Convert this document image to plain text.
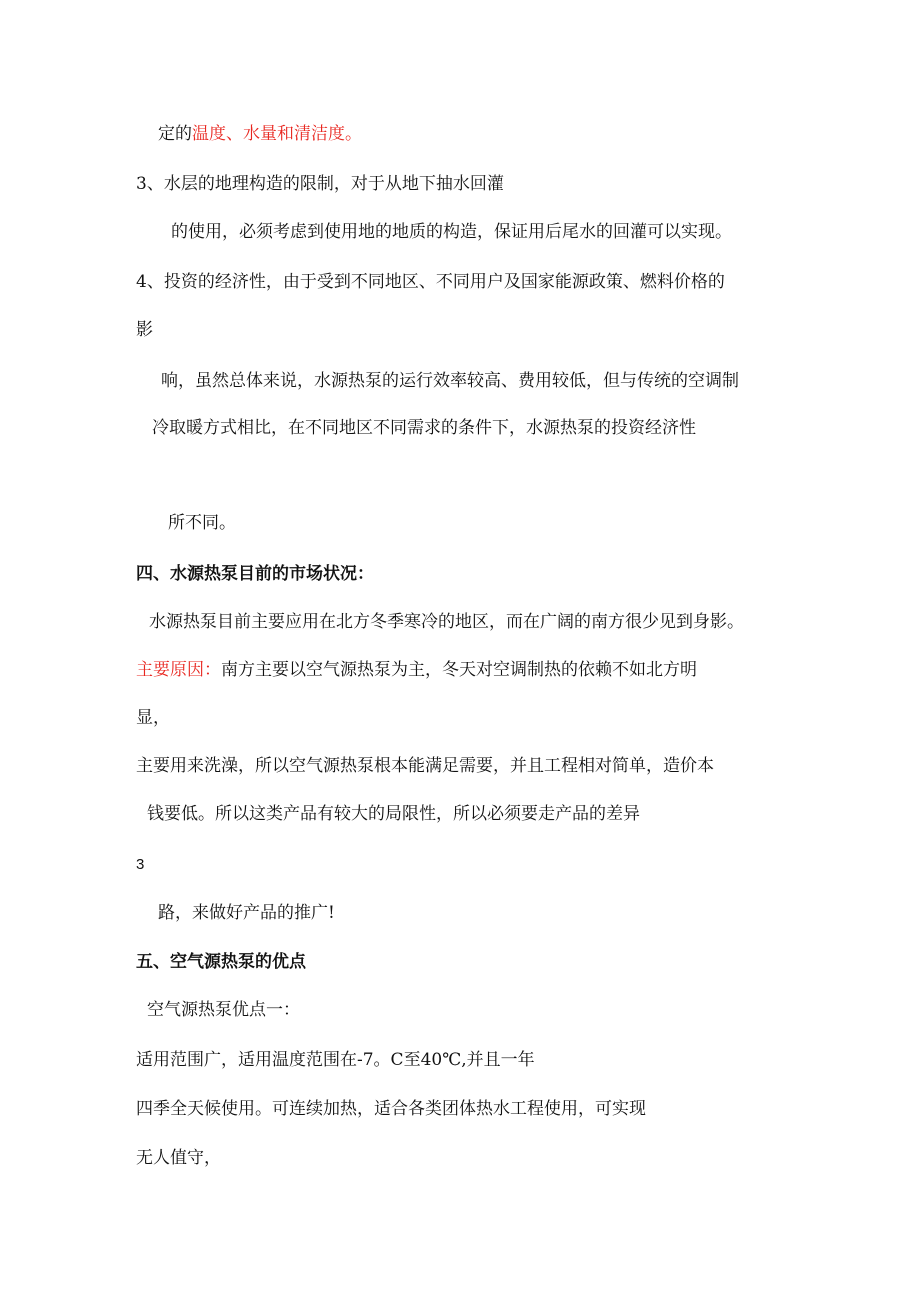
定的温度、水量和清洁度。
3、水层的地理构造的限制，对于从地下抽水回灌
的使用，必须考虑到使用地的地质的构造，保证用后尾水的回灌可以实现。
4、投资的经济性，由于受到不同地区、不同用户及国家能源政策、燃料价格的
影
响，虽然总体来说，水源热泵的运行效率较高、费用较低，但与传统的空调制
冷取暖方式相比，在不同地区不同需求的条件下，水源热泵的投资经济性
所不同。
四、水源热泵目前的市场状况：
水源热泵目前主要应用在北方冬季寒冷的地区，而在广阔的南方很少见到身影。
主要原因：南方主要以空气源热泵为主，冬天对空调制热的依赖不如北方明
显，
主要用来洗澡，所以空气源热泵根本能满足需要，并且工程相对简单，造价本
钱要低。所以这类产品有较大的局限性，所以必须要走产品的差异
3
路，来做好产品的推广!
五、空气源热泵的优点
空气源热泵优点一：
适用范围广，适用温度范围在-7。C至40℃,并且一年
四季全天候使用。可连续加热，适合各类团体热水工程使用，可实现
无人值守，
